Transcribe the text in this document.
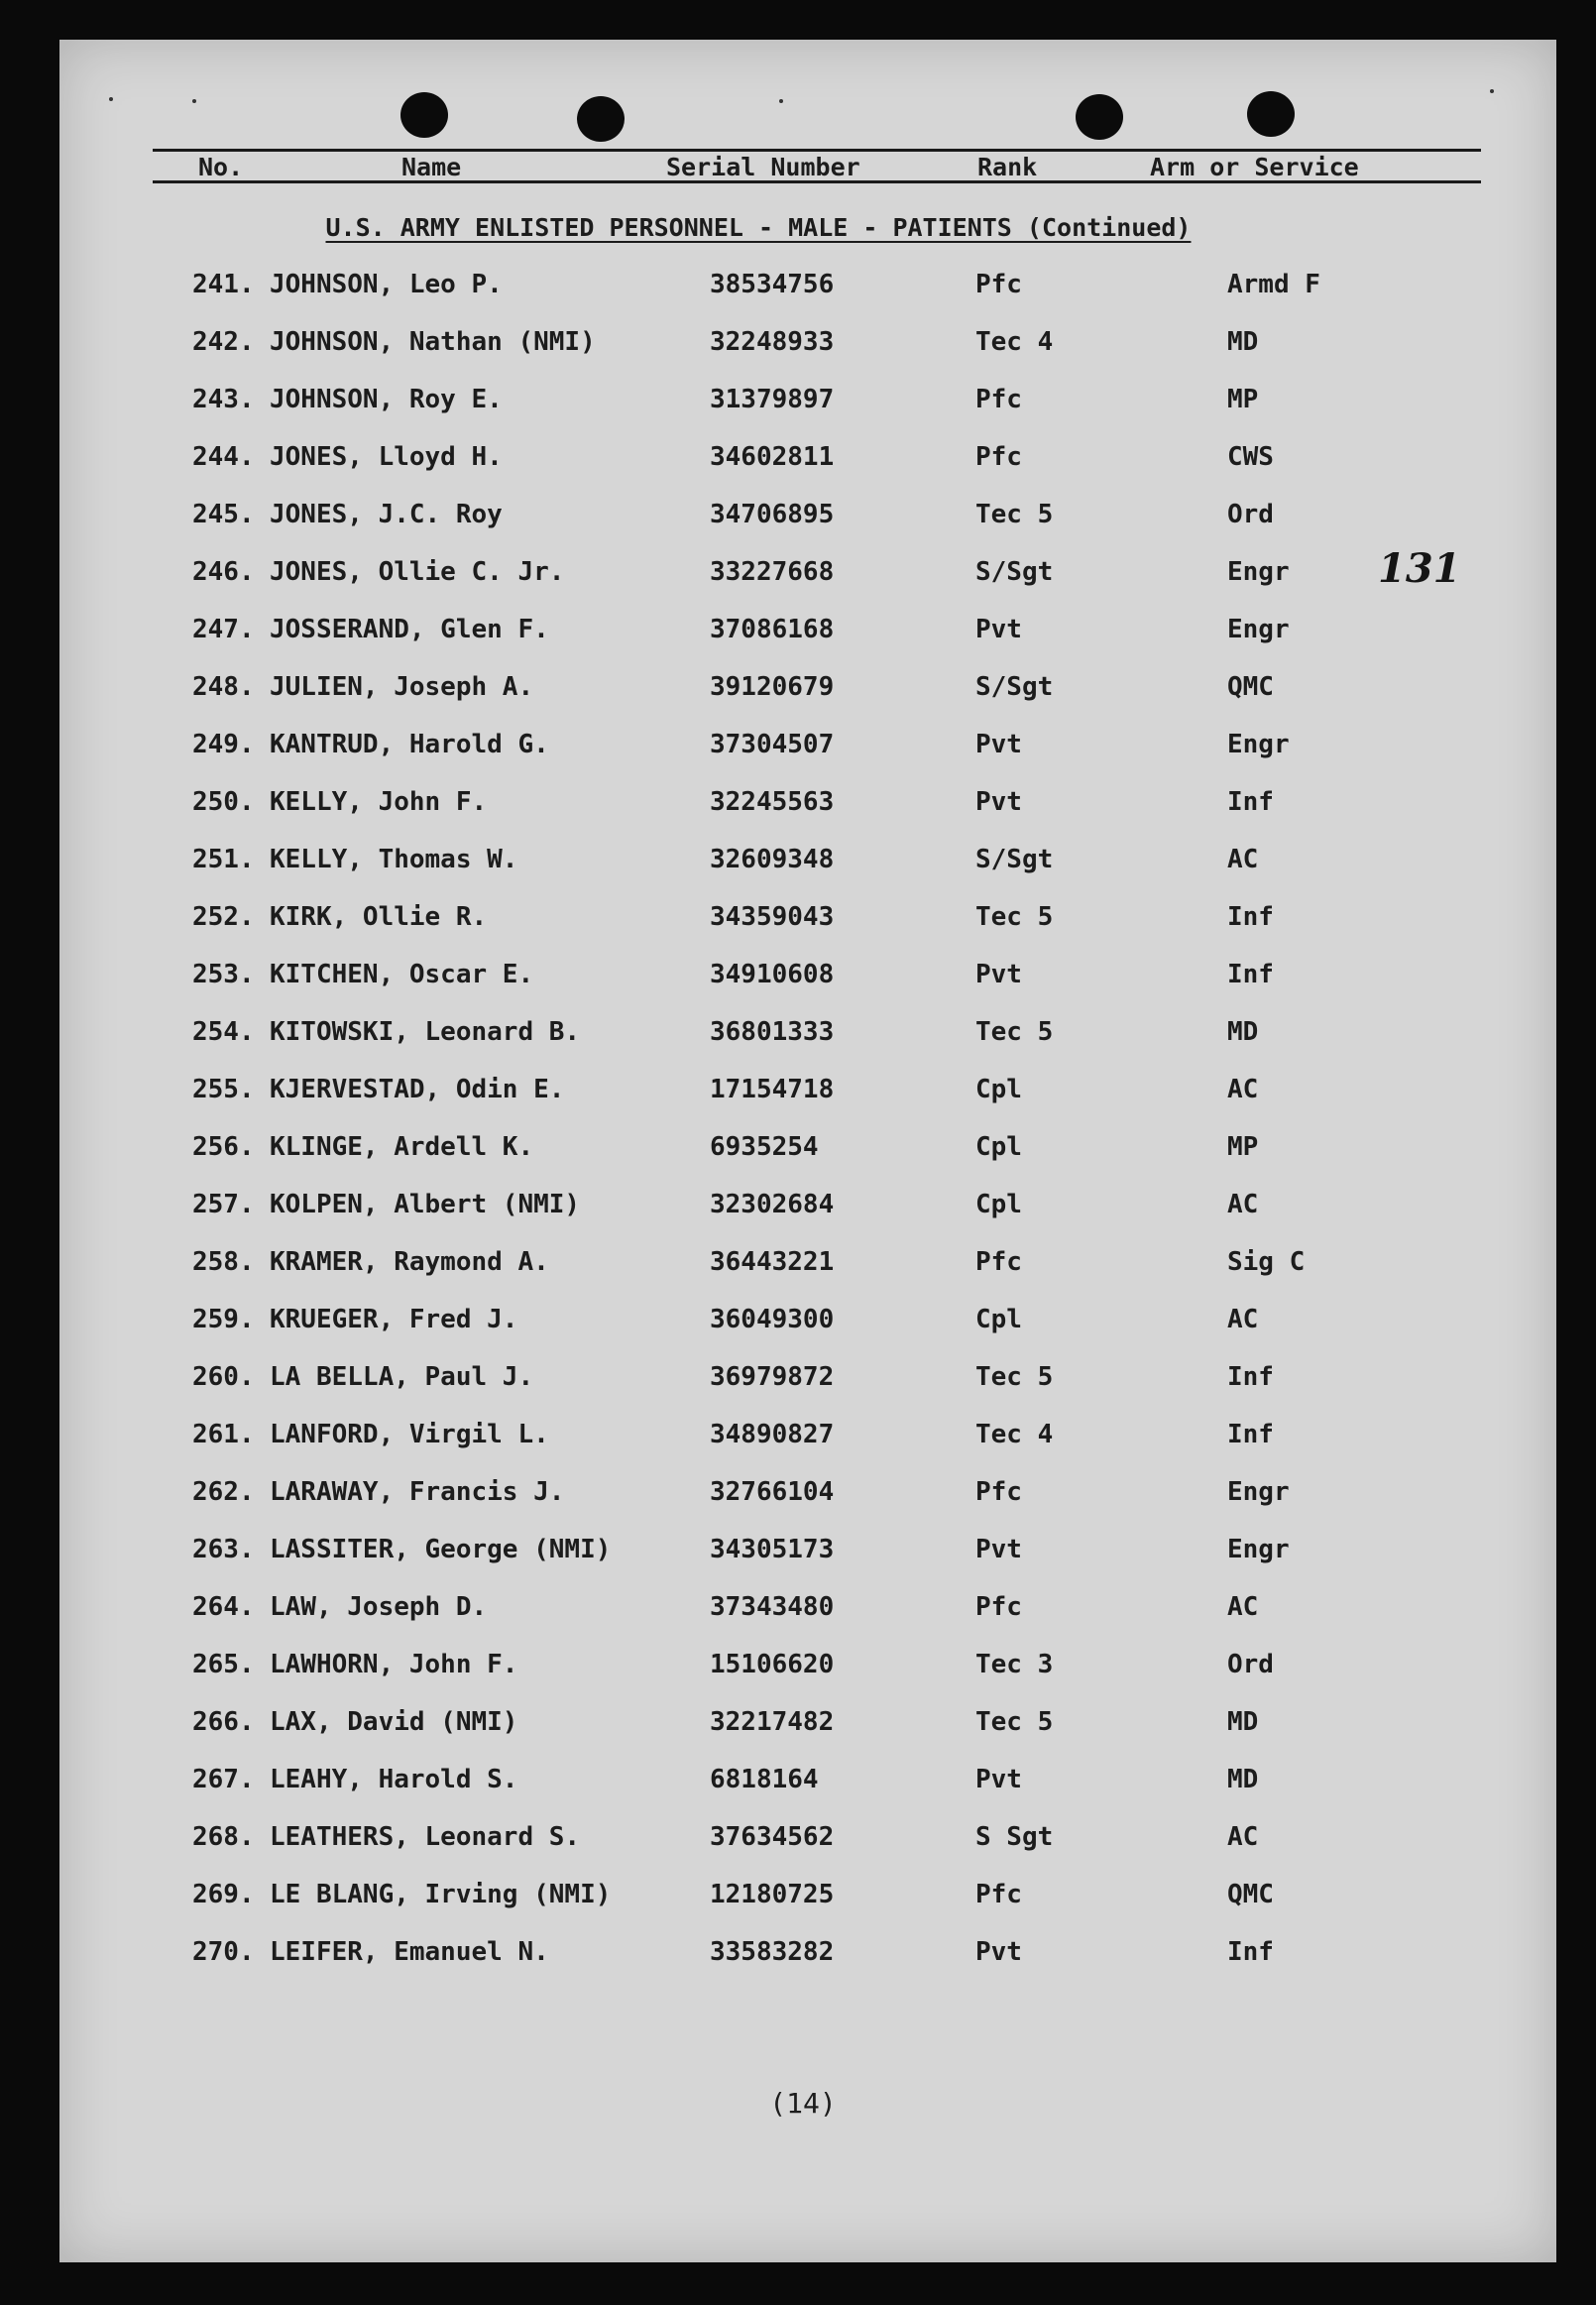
No.	Name	Serial Number	Rank	Arm or Service
U.S. ARMY ENLISTED PERSONNEL - MALE - PATIENTS (Continued)
241. JOHNSON, Leo P.	38534756	Pfc	Armd F
242. JOHNSON, Nathan (NMI)	32248933	Tec 4	MD
243. JOHNSON, Roy E.	31379897	Pfc	MP
244. JONES, Lloyd H.	34602811	Pfc	CWS
245. JONES, J.C. Roy	34706895	Tec 5	Ord
246. JONES, Ollie C. Jr.	33227668	S/Sgt	Engr
247. JOSSERAND, Glen F.	37086168	Pvt	Engr
248. JULIEN, Joseph A.	39120679	S/Sgt	QMC
249. KANTRUD, Harold G.	37304507	Pvt	Engr
250. KELLY, John F.	32245563	Pvt	Inf
251. KELLY, Thomas W.	32609348	S/Sgt	AC
252. KIRK, Ollie R.	34359043	Tec 5	Inf
253. KITCHEN, Oscar E.	34910608	Pvt	Inf
254. KITOWSKI, Leonard B.	36801333	Tec 5	MD
255. KJERVESTAD, Odin E.	17154718	Cpl	AC
256. KLINGE, Ardell K.	6935254	Cpl	MP
257. KOLPEN, Albert (NMI)	32302684	Cpl	AC
258. KRAMER, Raymond A.	36443221	Pfc	Sig C
259. KRUEGER, Fred J.	36049300	Cpl	AC
260. LA BELLA, Paul J.	36979872	Tec 5	Inf
261. LANFORD, Virgil L.	34890827	Tec 4	Inf
262. LARAWAY, Francis J.	32766104	Pfc	Engr
263. LASSITER, George (NMI)	34305173	Pvt	Engr
264. LAW, Joseph D.	37343480	Pfc	AC
265. LAWHORN, John F.	15106620	Tec 3	Ord
266. LAX, David (NMI)	32217482	Tec 5	MD
267. LEAHY, Harold S.	6818164	Pvt	MD
268. LEATHERS, Leonard S.	37634562	S Sgt	AC
269. LE BLANG, Irving (NMI)	12180725	Pfc	QMC
270. LEIFER, Emanuel N.	33583282	Pvt	Inf
131
(14)
